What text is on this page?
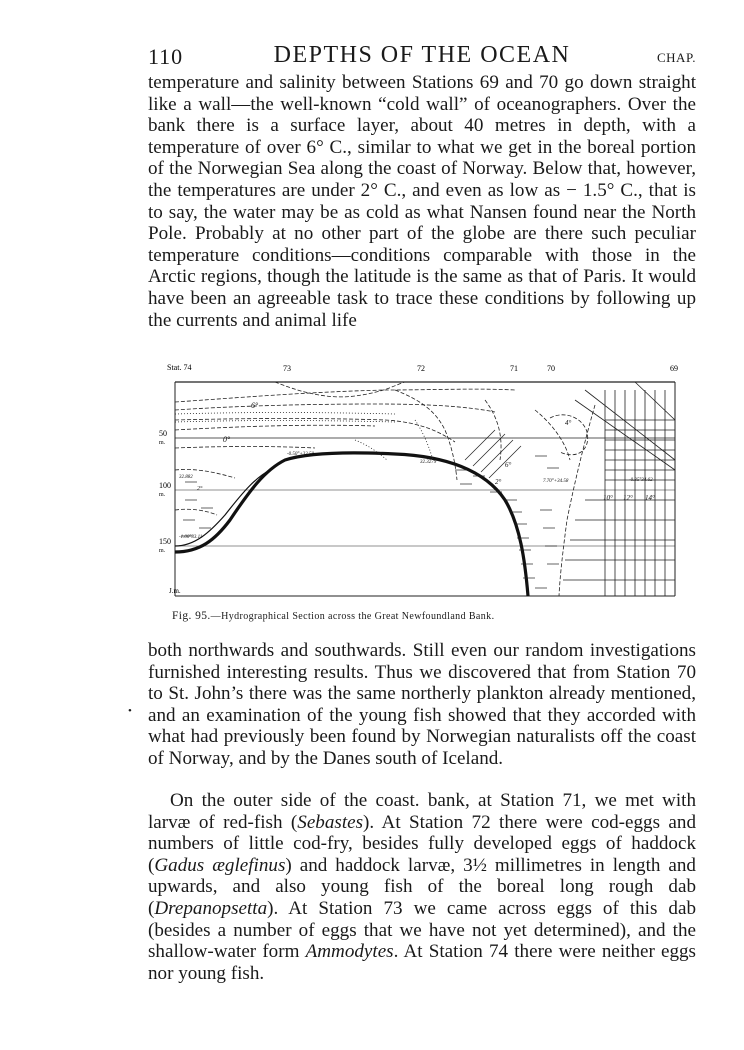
110	DEPTHS OF THE OCEAN	CHAP.

temperature and salinity between Stations 69 and 70 go down straight like a wall—the well-known “cold wall” of oceanographers. Over the bank there is a surface layer, about 40 metres in depth, with a temperature of over 6° C., similar to what we get in the boreal portion of the Norwegian Sea along the coast of Norway. Below that, however, the temperatures are under 2° C., and even as low as − 1.5° C., that is to say, the water may be as cold as what Nansen found near the North Pole. Probably at no other part of the globe are there such peculiar temperature conditions—conditions comparable with those in the Arctic regions, though the latitude is the same as that of Paris. It would have been an agreeable task to trace these conditions by following up the currents and animal life

Stat. 74	73	72	71	70	69
50
m.
100
m.
150
m.
J.m.
6°
0°
4°
6°
2°
10° 12° 14°
-0.50°+32.50
32.3279
32.882
-1.00°33.11
2°
7.70°+34.58	-0.35°34.62
Fig. 95.—Hydrographical Section across the Great Newfoundland Bank.

both northwards and southwards. Still even our random investigations furnished interesting results. Thus we discovered that from Station 70 to St. John’s there was the same northerly plankton already mentioned, and an examination of the young fish showed that they accorded with what had previously been found by Norwegian naturalists off the coast of Norway, and by the Danes south of Iceland.

•

On the outer side of the coast. bank, at Station 71, we met with larvæ of red-fish (Sebastes). At Station 72 there were cod-eggs and numbers of little cod-fry, besides fully developed eggs of haddock (Gadus æglefinus) and haddock larvæ, 3½ millimetres in length and upwards, and also young fish of the boreal long rough dab (Drepanopsetta). At Station 73 we came across eggs of this dab (besides a number of eggs that we have not yet determined), and the shallow-water form Ammodytes. At Station 74 there were neither eggs nor young fish.
